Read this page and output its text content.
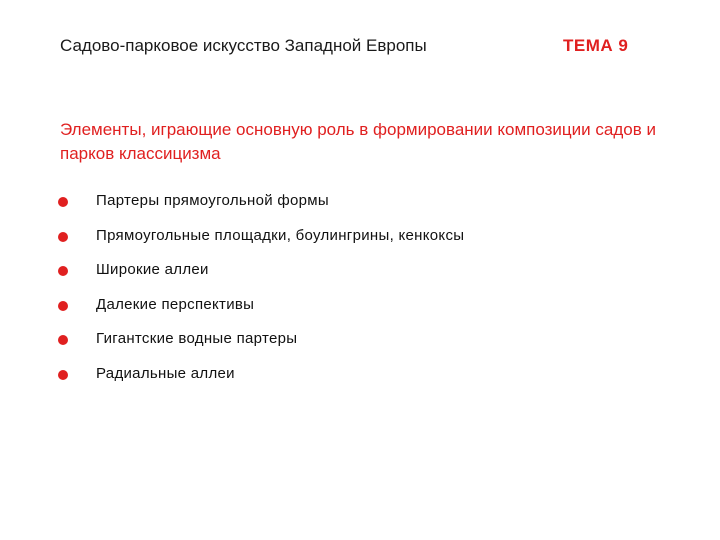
Садово-парковое искусство Западной Европы	ТЕМА 9
Элементы, играющие основную роль в формировании композиции садов и парков классицизма
Партеры прямоугольной формы
Прямоугольные площадки, боулингрины, кенкоксы
Широкие аллеи
Далекие перспективы
Гигантские водные партеры
Радиальные аллеи
